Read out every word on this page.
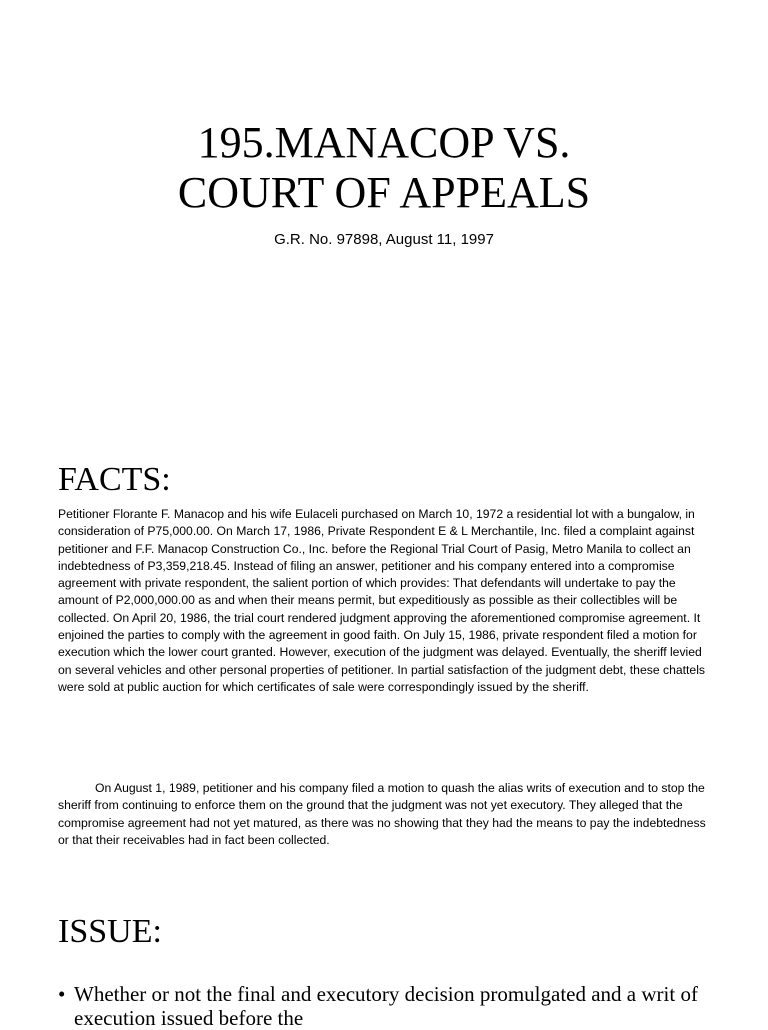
195.MANACOP VS.
COURT OF APPEALS
G.R. No. 97898, August 11, 1997
FACTS:

Petitioner Florante F. Manacop and his wife Eulaceli purchased on March 10, 1972 a residential lot with a bungalow, in consideration of P75,000.00. On March 17, 1986, Private Respondent E & L Merchantile, Inc. filed a complaint against petitioner and F.F. Manacop Construction Co., Inc. before the Regional Trial Court of Pasig, Metro Manila to collect an indebtedness of P3,359,218.45. Instead of filing an answer, petitioner and his company entered into a compromise agreement with private respondent, the salient portion of which provides: That defendants will undertake to pay the amount of P2,000,000.00 as and when their means permit, but expeditiously as possible as their collectibles will be collected. On April 20, 1986, the trial court rendered judgment approving the aforementioned compromise agreement. It enjoined the parties to comply with the agreement in good faith. On July 15, 1986, private respondent filed a motion for execution which the lower court granted. However, execution of the judgment was delayed. Eventually, the sheriff levied on several vehicles and other personal properties of petitioner. In partial satisfaction of the judgment debt, these chattels were sold at public auction for which certificates of sale were correspondingly issued by the sheriff.

On August 1, 1989, petitioner and his company filed a motion to quash the alias writs of execution and to stop the sheriff from continuing to enforce them on the ground that the judgment was not yet executory. They alleged that the compromise agreement had not yet matured, as there was no showing that they had the means to pay the indebtedness or that their receivables had in fact been collected.

ISSUE:
• Whether or not the final and executory decision promulgated and a writ of execution issued before the
